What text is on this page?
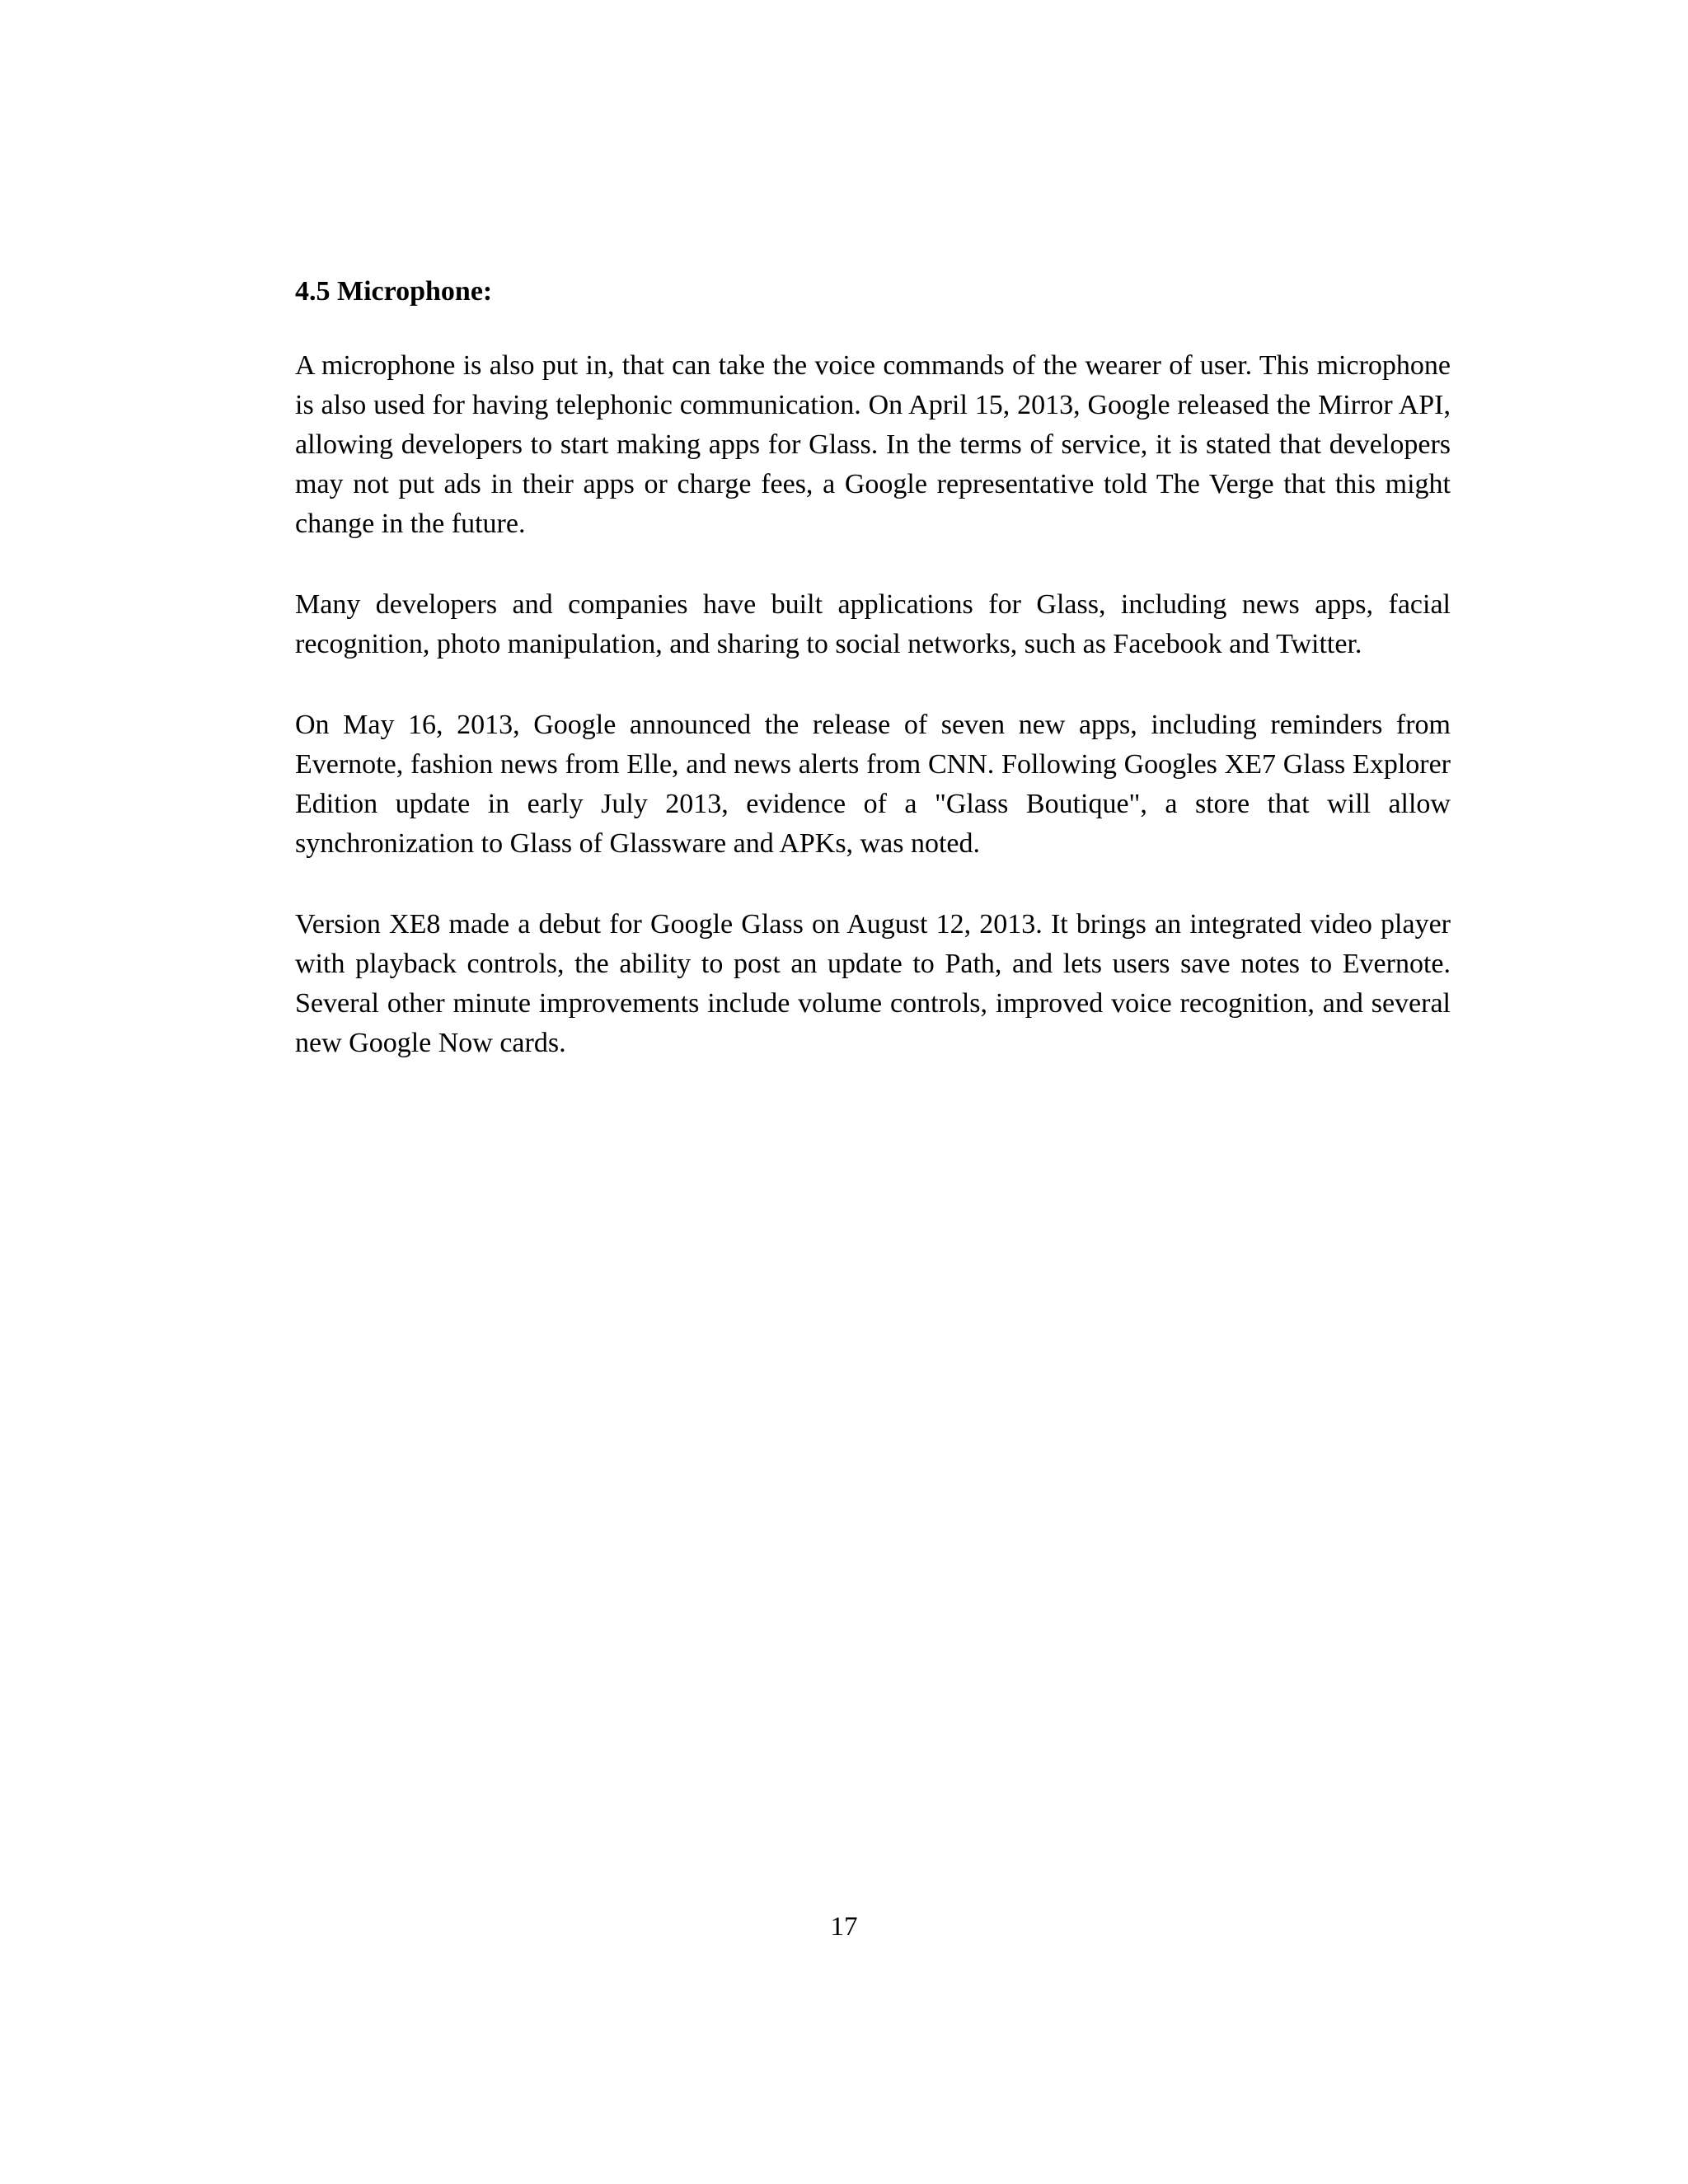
4.5 Microphone:

A microphone is also put in, that can take the voice commands of the wearer of user. This microphone is also used for having telephonic communication. On April 15, 2013, Google released the Mirror API, allowing developers to start making apps for Glass. In the terms of service, it is stated that developers may not put ads in their apps or charge fees, a Google representative told The Verge that this might change in the future.

Many developers and companies have built applications for Glass, including news apps, facial recognition, photo manipulation, and sharing to social networks, such as Facebook and Twitter.

On May 16, 2013, Google announced the release of seven new apps, including reminders from Evernote, fashion news from Elle, and news alerts from CNN. Following Googles XE7 Glass Explorer Edition update in early July 2013, evidence of a "Glass Boutique", a store that will allow synchronization to Glass of Glassware and APKs, was noted.

Version XE8 made a debut for Google Glass on August 12, 2013. It brings an integrated video player with playback controls, the ability to post an update to Path, and lets users save notes to Evernote. Several other minute improvements include volume controls, improved voice recognition, and several new Google Now cards.

17
